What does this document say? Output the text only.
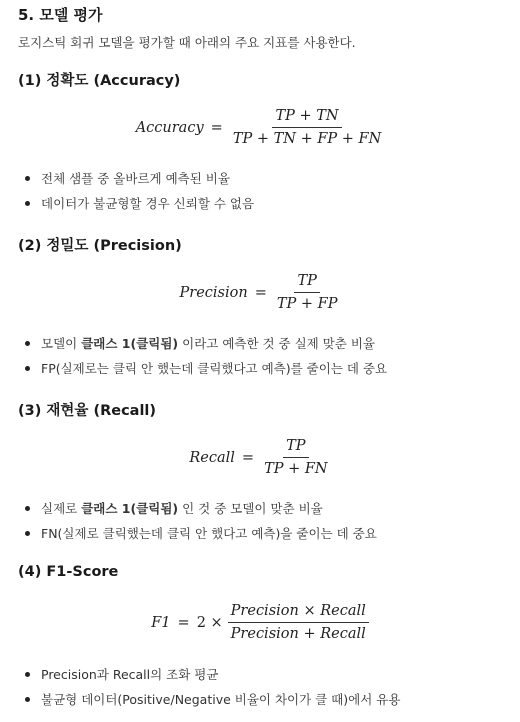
5. 모델 평가
로지스틱 회귀 모델을 평가할 때 아래의 주요 지표를 사용한다.
(1) 정확도 (Accuracy)
Accuracy = $\frac{TP + TN}{TP + TN + FP + FN}$
전체 샘플 중 올바르게 예측된 비율
데이터가 불균형할 경우 신뢰할 수 없음
(2) 정밀도 (Precision)
Precision = $\frac{TP}{TP + FP}$
모델이 클래스 1(클릭됨) 이라고 예측한 것 중 실제 맞춘 비율
FP(실제로는 클릭 안 했는데 클릭했다고 예측)를 줄이는 데 중요
(3) 재현율 (Recall)
Recall = $\frac{TP}{TP + FN}$
실제로 클래스 1(클릭됨) 인 것 중 모델이 맞춘 비율
FN(실제로 클릭했는데 클릭 안 했다고 예측)을 줄이는 데 중요
(4) F1-Score
$F1 = 2 \times \frac{\text{Precision × Recall}}{\text{Precision + Recall}}$
Precision과 Recall의 조화 평균
불균형 데이터(Positive/Negative 비율이 차이가 클 때)에서 유용
